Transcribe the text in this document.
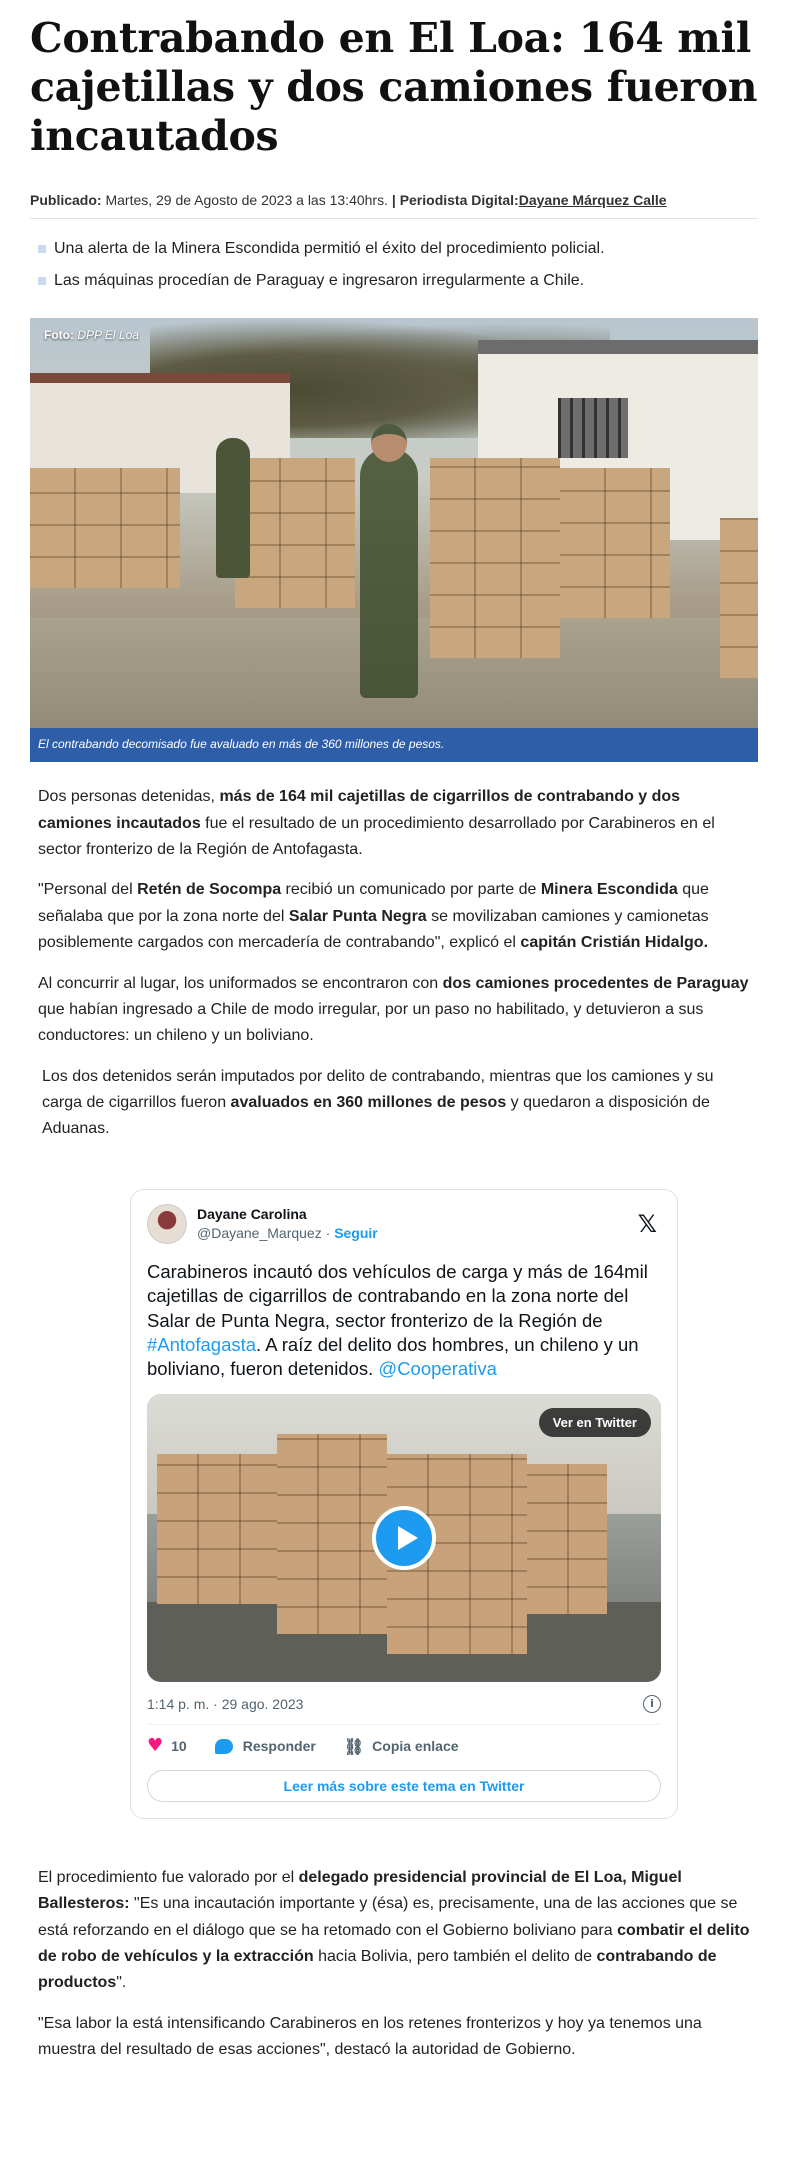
Contrabando en El Loa: 164 mil cajetillas y dos camiones fueron incautados
Publicado: Martes, 29 de Agosto de 2023 a las 13:40hrs. | Periodista Digital:Dayane Márquez Calle
Una alerta de la Minera Escondida permitió el éxito del procedimiento policial.
Las máquinas procedían de Paraguay e ingresaron irregularmente a Chile.
Foto: DPP El Loa
El contrabando decomisado fue avaluado en más de 360 millones de pesos.

Dos personas detenidas, más de 164 mil cajetillas de cigarrillos de contrabando y dos camiones incautados fue el resultado de un procedimiento desarrollado por Carabineros en el sector fronterizo de la Región de Antofagasta.

"Personal del Retén de Socompa recibió un comunicado por parte de Minera Escondida que señalaba que por la zona norte del Salar Punta Negra se movilizaban camiones y camionetas posiblemente cargados con mercadería de contrabando", explicó el capitán Cristián Hidalgo.

Al concurrir al lugar, los uniformados se encontraron con dos camiones procedentes de Paraguay que habían ingresado a Chile de modo irregular, por un paso no habilitado, y detuvieron a sus conductores: un chileno y un boliviano.

Los dos detenidos serán imputados por delito de contrabando, mientras que los camiones y su carga de cigarrillos fueron avaluados en 360 millones de pesos y quedaron a disposición de Aduanas.

Dayane Carolina
@Dayane_Marquez · Seguir	𝕏
Carabineros incautó dos vehículos de carga y más de 164mil cajetillas de cigarrillos de contrabando en la zona norte del Salar de Punta Negra, sector fronterizo de la Región de #Antofagasta. A raíz del delito dos hombres, un chileno y un boliviano, fueron detenidos. @Cooperativa
Ver en Twitter
1:14 p. m. · 29 ago. 2023	i
♥ 10	Responder ⛓ Copia enlace
Leer más sobre este tema en Twitter

El procedimiento fue valorado por el delegado presidencial provincial de El Loa, Miguel Ballesteros: "Es una incautación importante y (ésa) es, precisamente, una de las acciones que se está reforzando en el diálogo que se ha retomado con el Gobierno boliviano para combatir el delito de robo de vehículos y la extracción hacia Bolivia, pero también el delito de contrabando de productos".

"Esa labor la está intensificando Carabineros en los retenes fronterizos y hoy ya tenemos una muestra del resultado de esas acciones", destacó la autoridad de Gobierno.
